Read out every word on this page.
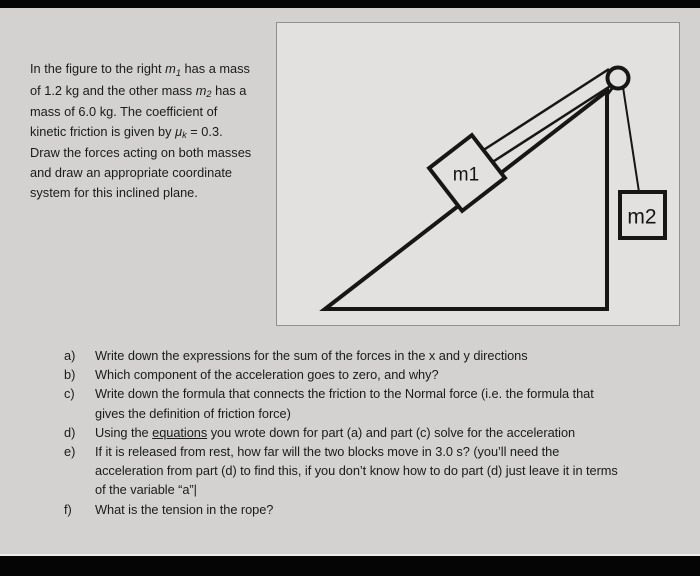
In the figure to the right $m_1$ has a mass
of 1.2 kg and the other mass $m_2$ has a
mass of 6.0 kg. The coefficient of
kinetic friction is given by $\mu_k = 0.3$.
Draw the forces acting on both masses
and draw an appropriate coordinate
system for this inclined plane.
m1
m2
a)	Write down the expressions for the sum of the forces in the x and y directions
b)	Which component of the acceleration goes to zero, and why?
c)	Write down the formula that connects the friction to the Normal force (i.e. the formula that
gives the definition of friction force)
d)	Using the equations you wrote down for part (a) and part (c) solve for the acceleration
e)	If it is released from rest, how far will the two blocks move in 3.0 s? (you’ll need the
acceleration from part (d) to find this, if you don’t know how to do part (d) just leave it in terms
of the variable “a”|
f)	What is the tension in the rope?
